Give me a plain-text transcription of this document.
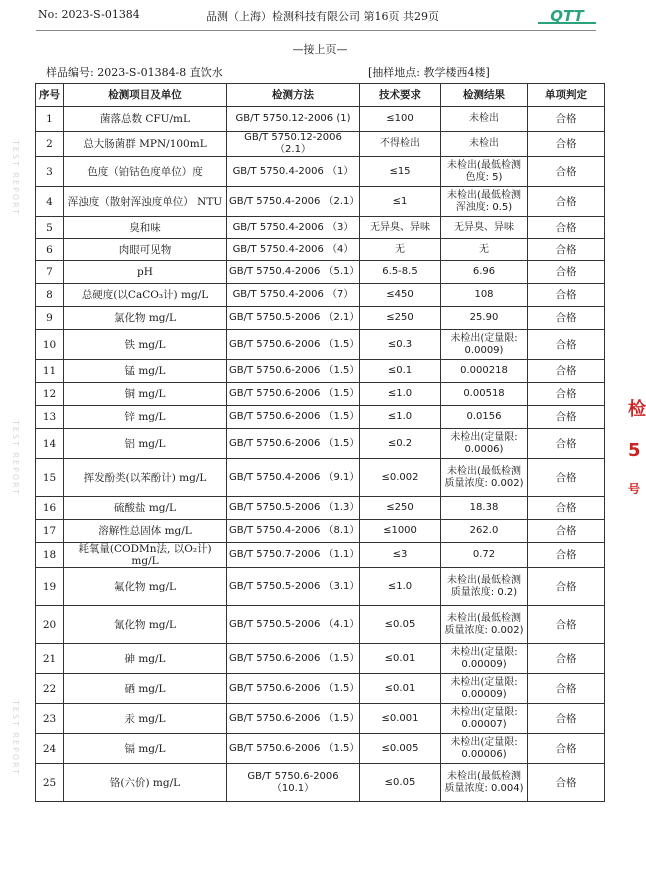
No: 2023-S-01384	品测（上海）检测科技有限公司 第16页 共29页	QTT
—接上页—
样品编号: 2023-S-01384-8 直饮水	[抽样地点: 教学楼西4楼]
TEST REPORT
TEST REPORT
TEST REPORT
检
5
号
序号	检测项目及单位	检测方法	技术要求	检测结果	单项判定
1	菌落总数 CFU/mL	GB/T 5750.12-2006 (1)	≤100	未检出	合格
2	总大肠菌群 MPN/100mL	GB/T 5750.12-2006 （2.1）	不得检出	未检出	合格
3	色度（铂钴色度单位）度	GB/T 5750.4-2006 （1）	≤15	未检出(最低检测色度: 5)	合格
4	浑浊度（散射浑浊度单位） NTU	GB/T 5750.4-2006 （2.1）	≤1	未检出(最低检测浑浊度: 0.5)	合格
5	臭和味	GB/T 5750.4-2006 （3）	无异臭、异味	无异臭、异味	合格
6	肉眼可见物	GB/T 5750.4-2006 （4）	无	无	合格
7	pH	GB/T 5750.4-2006 （5.1）	6.5-8.5	6.96	合格
8	总硬度(以CaCO₃计) mg/L	GB/T 5750.4-2006 （7）	≤450	108	合格
9	氯化物 mg/L	GB/T 5750.5-2006 （2.1）	≤250	25.90	合格
10	铁 mg/L	GB/T 5750.6-2006 （1.5）	≤0.3	未检出(定量限: 0.0009)	合格
11	锰 mg/L	GB/T 5750.6-2006 （1.5）	≤0.1	0.000218	合格
12	铜 mg/L	GB/T 5750.6-2006 （1.5）	≤1.0	0.00518	合格
13	锌 mg/L	GB/T 5750.6-2006 （1.5）	≤1.0	0.0156	合格
14	铝 mg/L	GB/T 5750.6-2006 （1.5）	≤0.2	未检出(定量限: 0.0006)	合格
15	挥发酚类(以苯酚计) mg/L	GB/T 5750.4-2006 （9.1）	≤0.002	未检出(最低检测质量浓度: 0.002)	合格
16	硫酸盐 mg/L	GB/T 5750.5-2006 （1.3）	≤250	18.38	合格
17	溶解性总固体 mg/L	GB/T 5750.4-2006 （8.1）	≤1000	262.0	合格
18	耗氧量(CODMn法, 以O₂计) mg/L	GB/T 5750.7-2006 （1.1）	≤3	0.72	合格
19	氟化物 mg/L	GB/T 5750.5-2006 （3.1）	≤1.0	未检出(最低检测质量浓度: 0.2)	合格
20	氰化物 mg/L	GB/T 5750.5-2006 （4.1）	≤0.05	未检出(最低检测质量浓度: 0.002)	合格
21	砷 mg/L	GB/T 5750.6-2006 （1.5）	≤0.01	未检出(定量限: 0.00009)	合格
22	硒 mg/L	GB/T 5750.6-2006 （1.5）	≤0.01	未检出(定量限: 0.00009)	合格
23	汞 mg/L	GB/T 5750.6-2006 （1.5）	≤0.001	未检出(定量限: 0.00007)	合格
24	镉 mg/L	GB/T 5750.6-2006 （1.5）	≤0.005	未检出(定量限: 0.00006)	合格
25	铬(六价) mg/L	GB/T 5750.6-2006 （10.1）	≤0.05	未检出(最低检测质量浓度: 0.004)	合格
